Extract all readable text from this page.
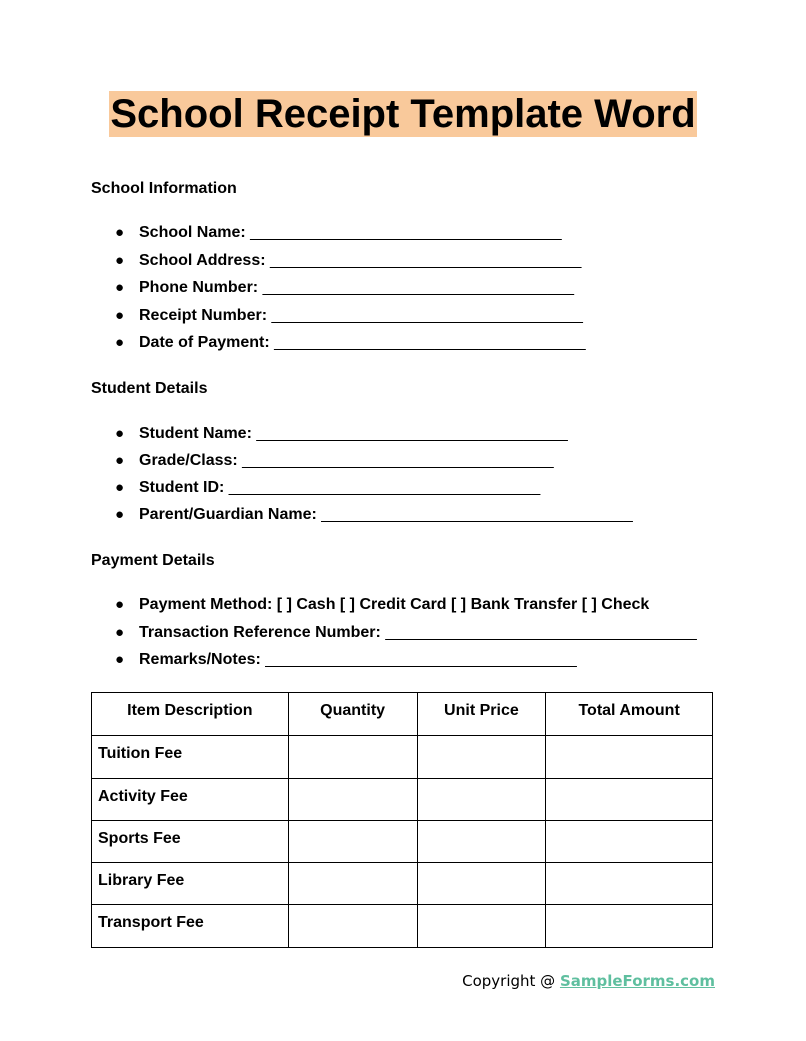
School Receipt Template Word
School Information
● School Name: ___________________________________
● School Address: ___________________________________
● Phone Number: ___________________________________
● Receipt Number: ___________________________________
● Date of Payment: ___________________________________
Student Details
● Student Name: ___________________________________
● Grade/Class: ___________________________________
● Student ID: ___________________________________
● Parent/Guardian Name: ___________________________________
Payment Details
● Payment Method: [ ] Cash [ ] Credit Card [ ] Bank Transfer [ ] Check
● Transaction Reference Number: ___________________________________
● Remarks/Notes: ___________________________________
Item Description	Quantity	Unit Price	Total Amount
Tuition Fee			
Activity Fee			
Sports Fee			
Library Fee			
Transport Fee			
Copyright @ SampleForms.com
